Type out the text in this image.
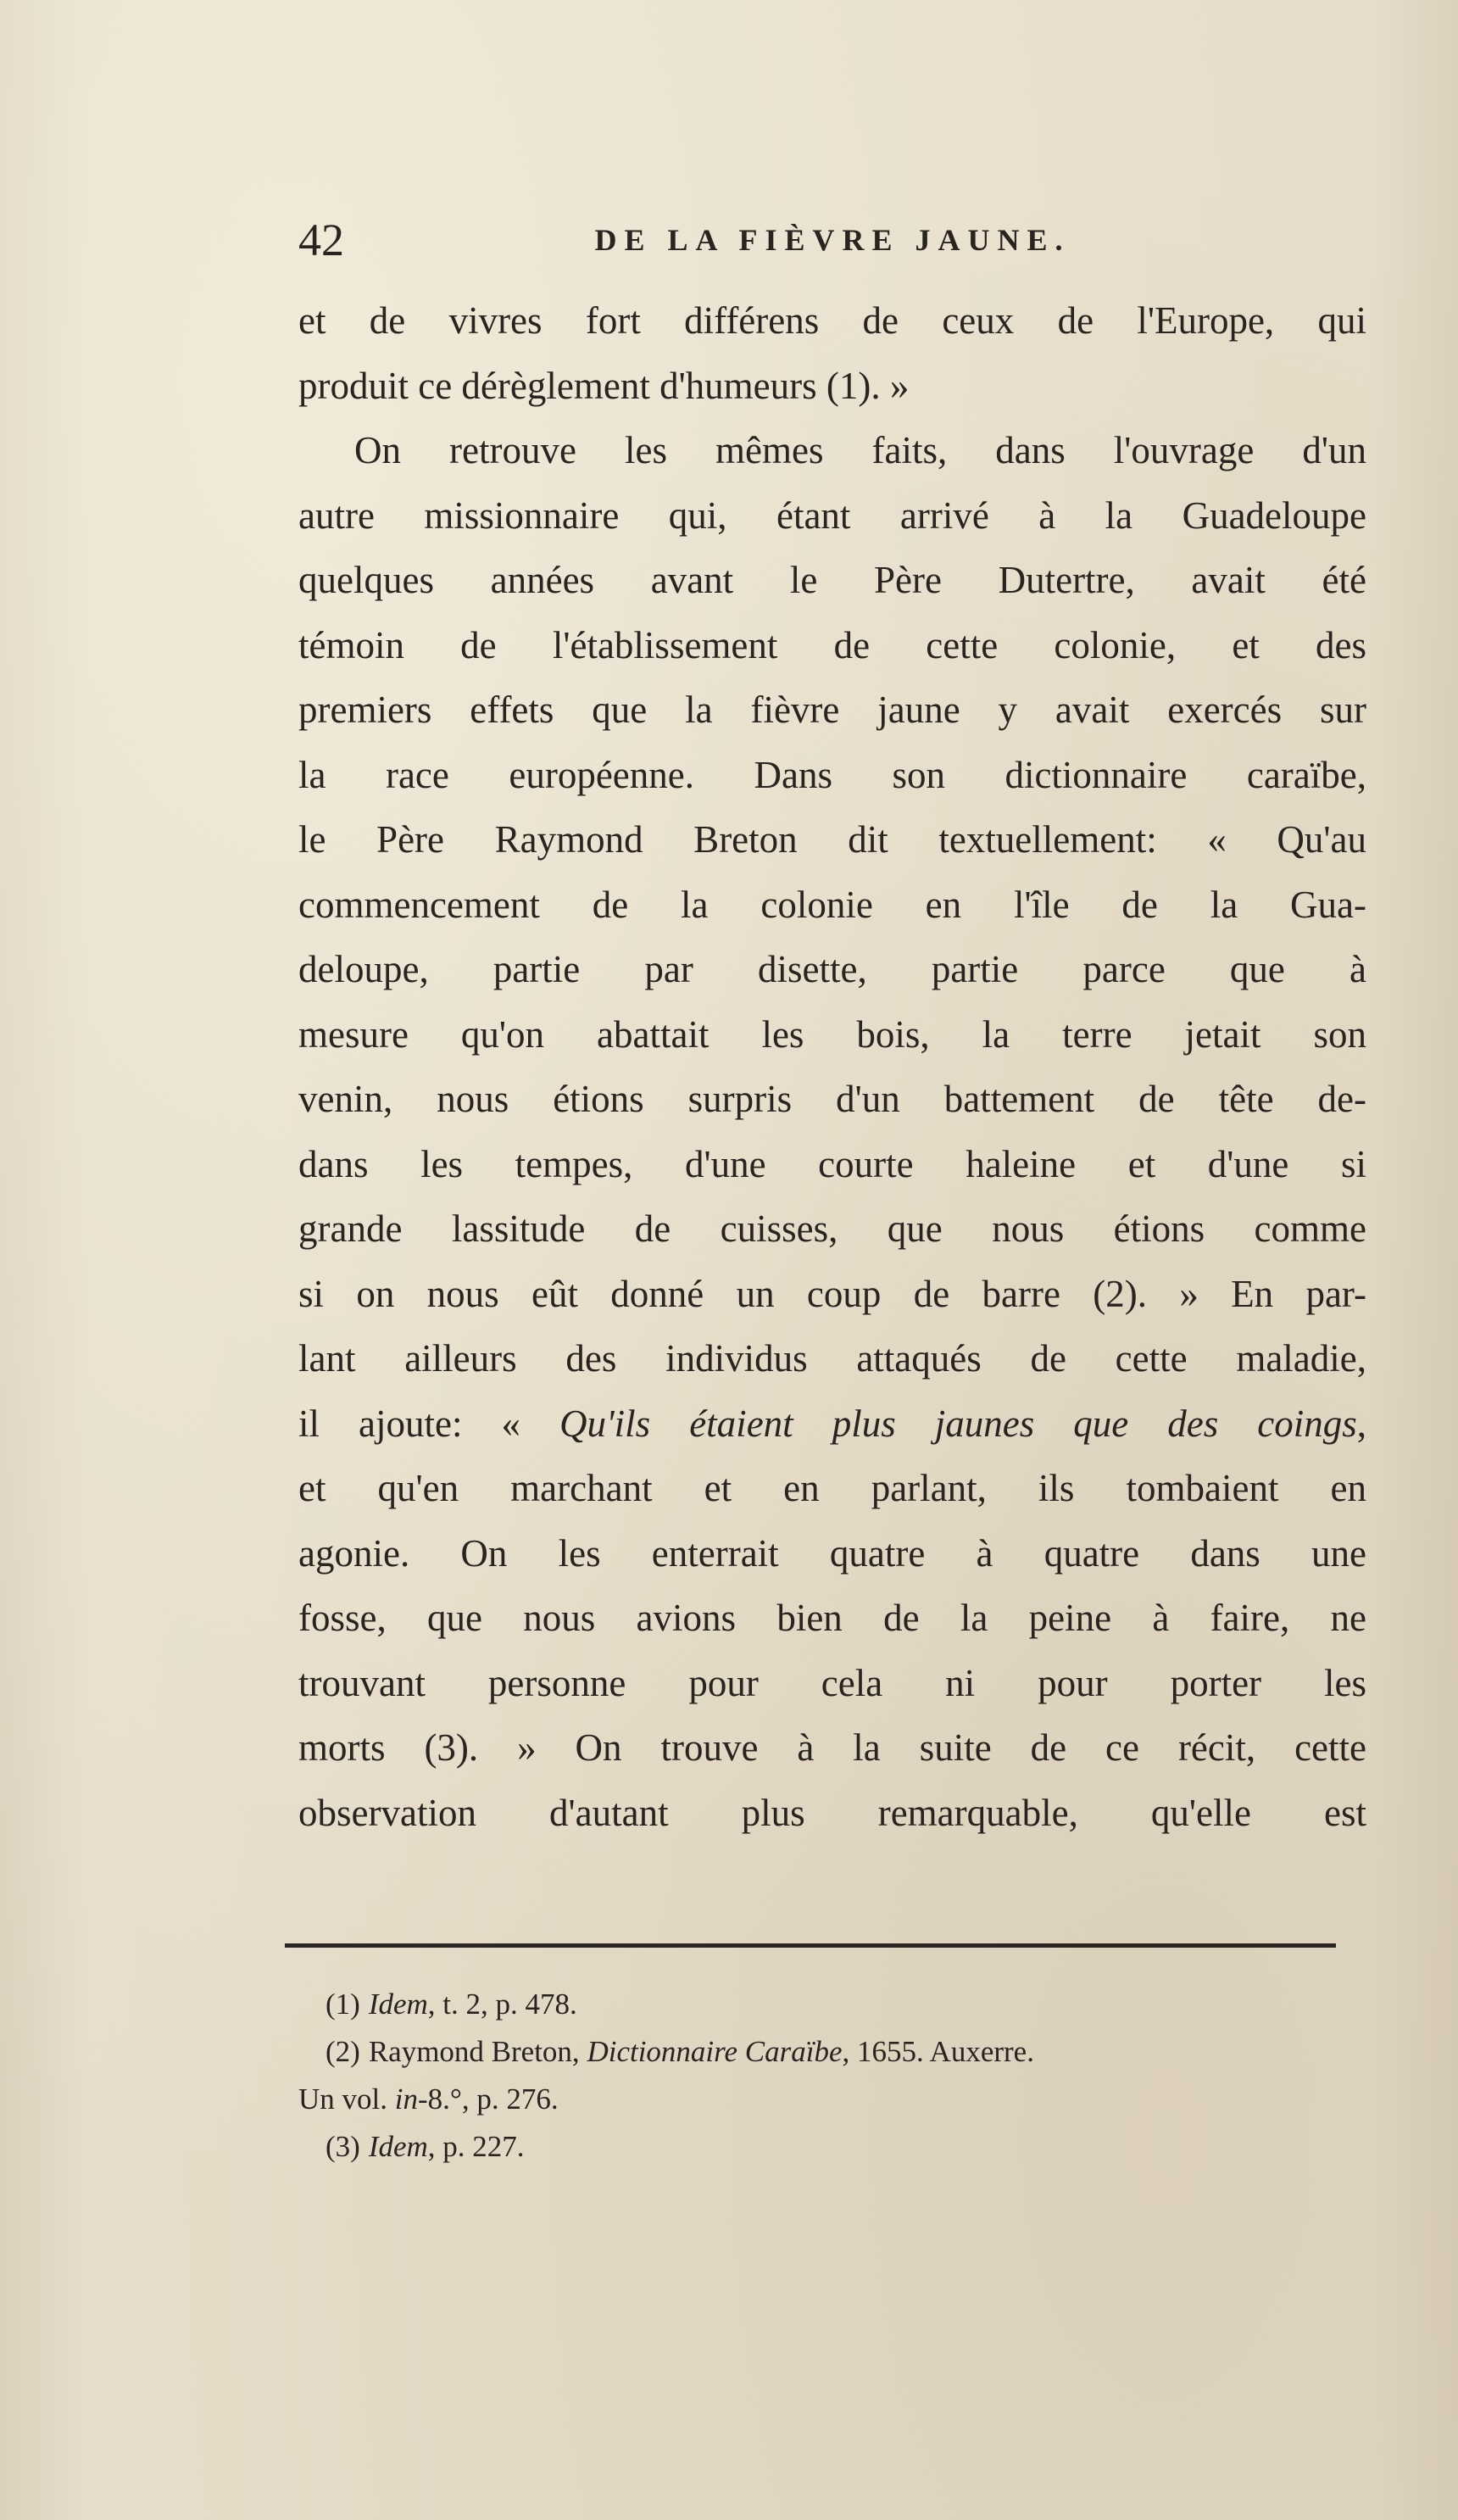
42	DE LA FIÈVRE JAUNE.
et de vivres fort différens de ceux de l'Europe, qui
produit ce dérèglement d'humeurs (1). »
On retrouve les mêmes faits, dans l'ouvrage d'un
autre missionnaire qui, étant arrivé à la Guadeloupe
quelques années avant le Père Dutertre, avait été
témoin de l'établissement de cette colonie, et des
premiers effets que la fièvre jaune y avait exercés sur
la race européenne. Dans son dictionnaire caraïbe,
le Père Raymond Breton dit textuellement: « Qu'au
commencement de la colonie en l'île de la Gua-
deloupe, partie par disette, partie parce que à
mesure qu'on abattait les bois, la terre jetait son
venin, nous étions surpris d'un battement de tête de-
dans les tempes, d'une courte haleine et d'une si
grande lassitude de cuisses, que nous étions comme
si on nous eût donné un coup de barre (2). » En par-
lant ailleurs des individus attaqués de cette maladie,
il ajoute: « Qu'ils étaient plus jaunes que des coings,
et qu'en marchant et en parlant, ils tombaient en
agonie. On les enterrait quatre à quatre dans une
fosse, que nous avions bien de la peine à faire, ne
trouvant personne pour cela ni pour porter les
morts (3). » On trouve à la suite de ce récit, cette
observation d'autant plus remarquable, qu'elle est
(1) Idem, t. 2, p. 478.
(2) Raymond Breton, Dictionnaire Caraïbe, 1655. Auxerre.
Un vol. in-8.°, p. 276.
(3) Idem, p. 227.
